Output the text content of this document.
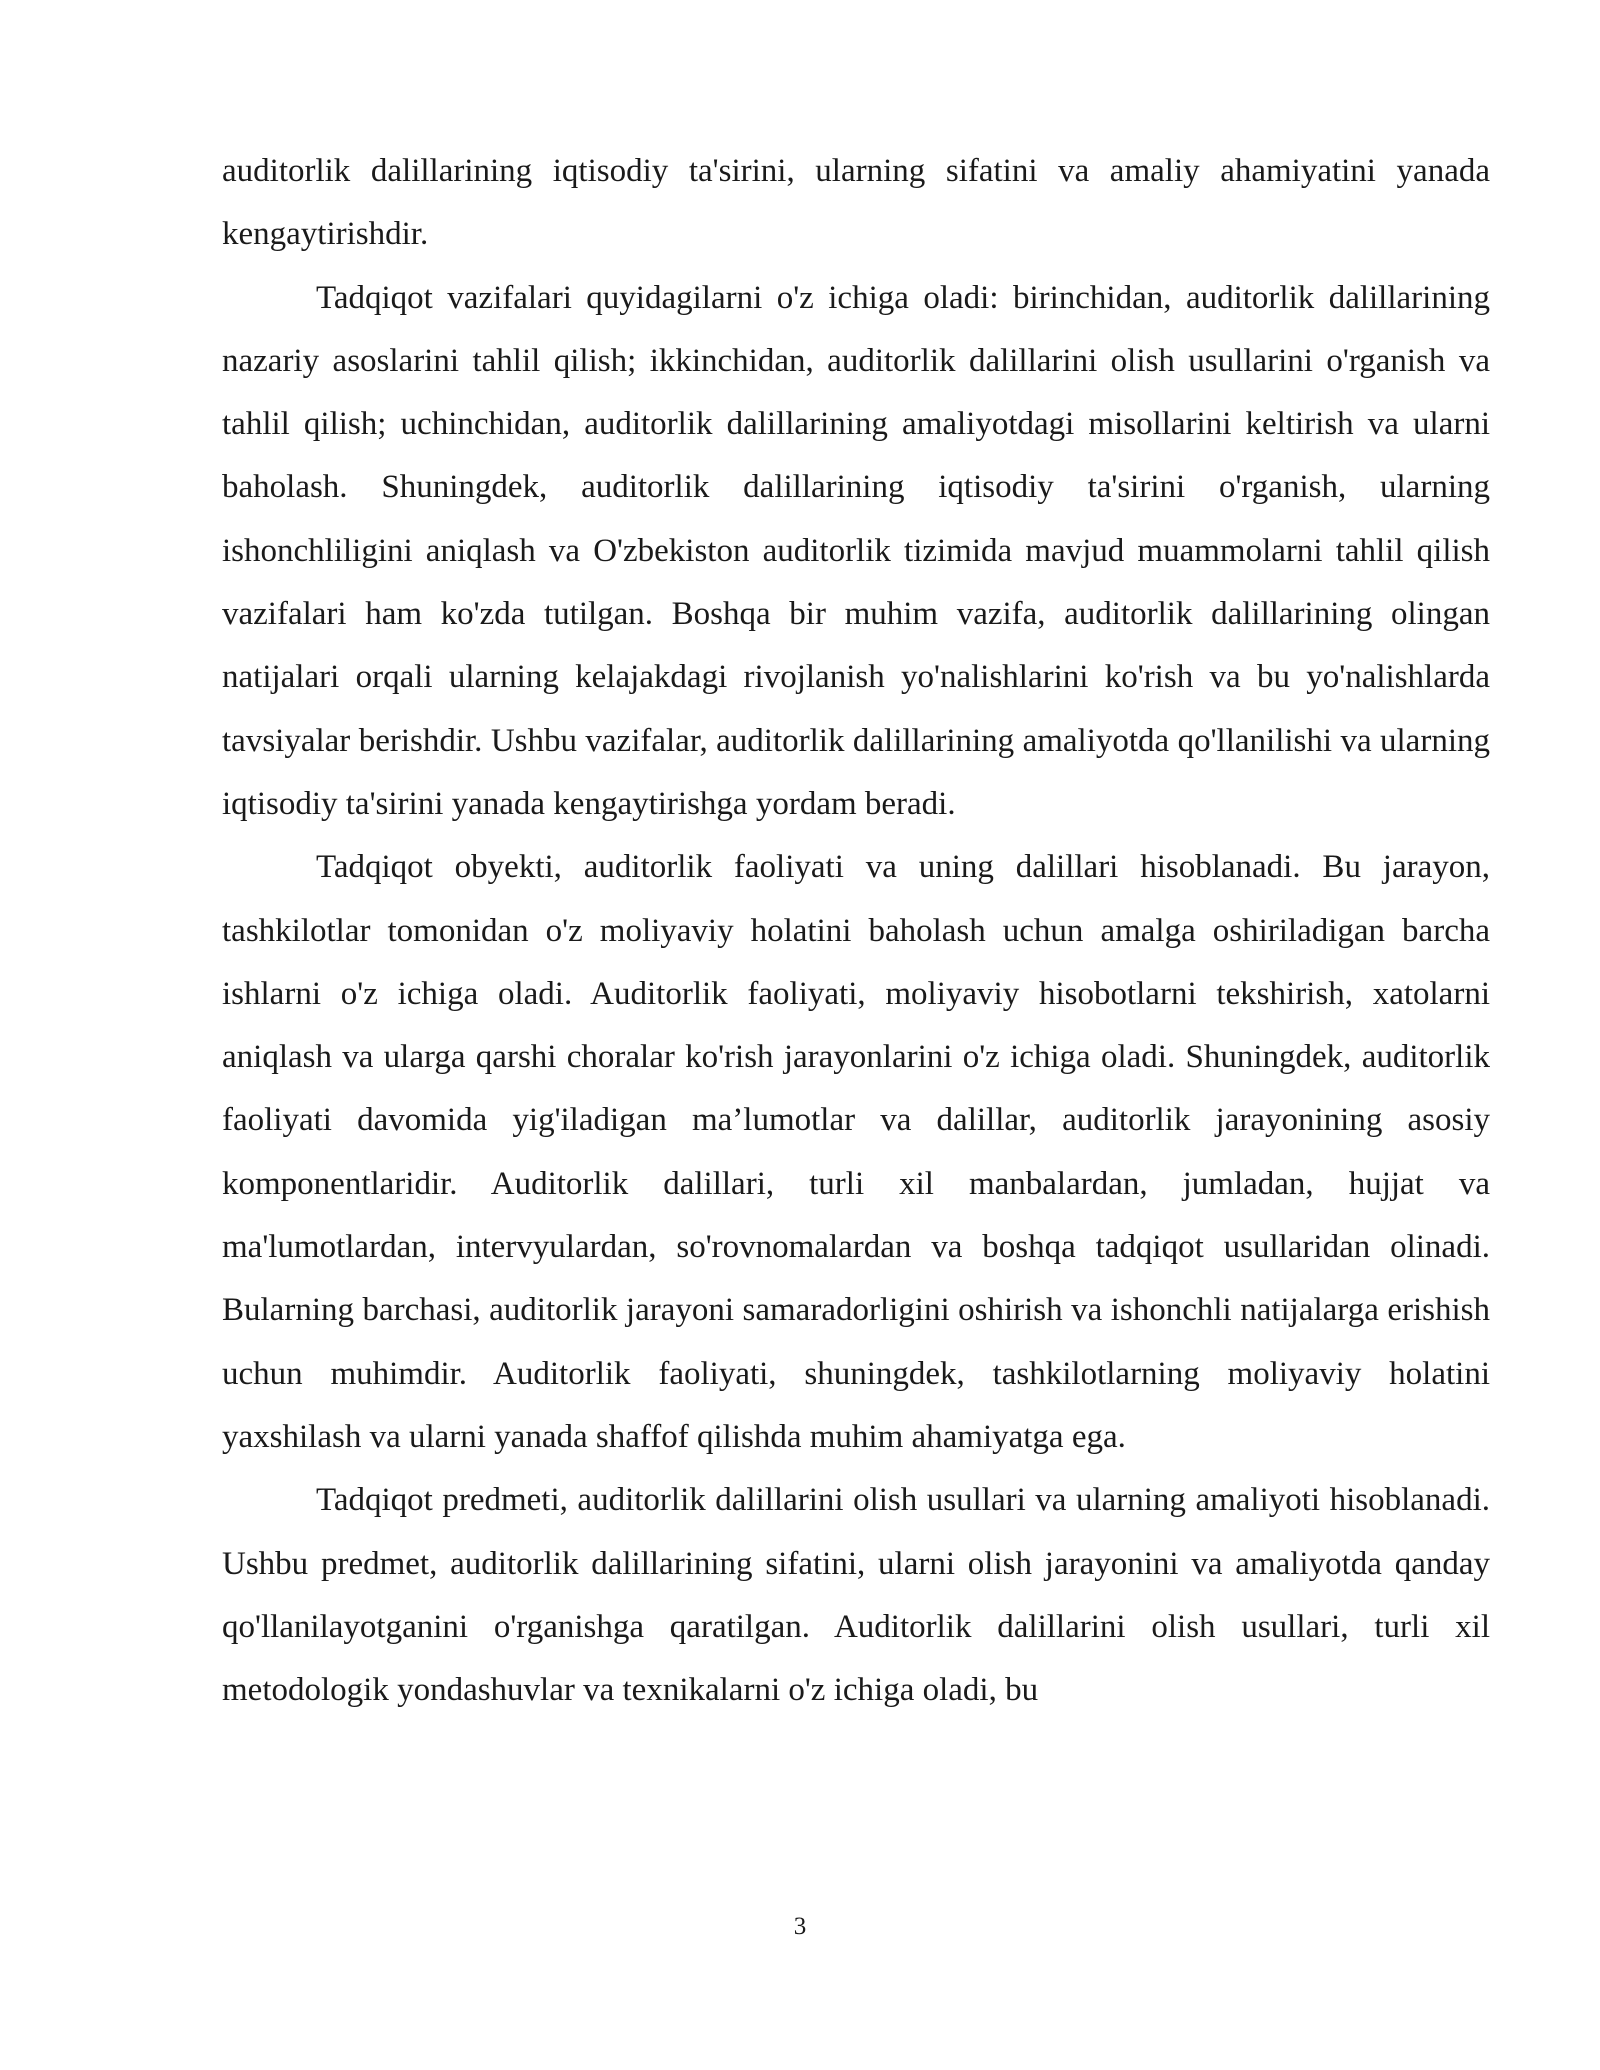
auditorlik dalillarining iqtisodiy ta'sirini, ularning sifatini va amaliy ahamiyatini yanada kengaytirishdir.

Tadqiqot vazifalari quyidagilarni o'z ichiga oladi: birinchidan, auditorlik dalillarining nazariy asoslarini tahlil qilish; ikkinchidan, auditorlik dalillarini olish usullarini o'rganish va tahlil qilish; uchinchidan, auditorlik dalillarining amaliyotdagi misollarini keltirish va ularni baholash. Shuningdek, auditorlik dalillarining iqtisodiy ta'sirini o'rganish, ularning ishonchliligini aniqlash va O'zbekiston auditorlik tizimida mavjud muammolarni tahlil qilish vazifalari ham ko'zda tutilgan. Boshqa bir muhim vazifa, auditorlik dalillarining olingan natijalari orqali ularning kelajakdagi rivojlanish yo'nalishlarini ko'rish va bu yo'nalishlarda tavsiyalar berishdir. Ushbu vazifalar, auditorlik dalillarining amaliyotda qo'llanilishi va ularning iqtisodiy ta'sirini yanada kengaytirishga yordam beradi.

Tadqiqot obyekti, auditorlik faoliyati va uning dalillari hisoblanadi. Bu jarayon, tashkilotlar tomonidan o'z moliyaviy holatini baholash uchun amalga oshiriladigan barcha ishlarni o'z ichiga oladi. Auditorlik faoliyati, moliyaviy hisobotlarni tekshirish, xatolarni aniqlash va ularga qarshi choralar ko'rish jarayonlarini o'z ichiga oladi. Shuningdek, auditorlik faoliyati davomida yig'iladigan ma’lumotlar va dalillar, auditorlik jarayonining asosiy komponentlaridir. Auditorlik dalillari, turli xil manbalardan, jumladan, hujjat va ma'lumotlardan, intervyulardan, so'rovnomalardan va boshqa tadqiqot usullaridan olinadi. Bularning barchasi, auditorlik jarayoni samaradorligini oshirish va ishonchli natijalarga erishish uchun muhimdir. Auditorlik faoliyati, shuningdek, tashkilotlarning moliyaviy holatini yaxshilash va ularni yanada shaffof qilishda muhim ahamiyatga ega.

Tadqiqot predmeti, auditorlik dalillarini olish usullari va ularning amaliyoti hisoblanadi. Ushbu predmet, auditorlik dalillarining sifatini, ularni olish jarayonini va amaliyotda qanday qo'llanilayotganini o'rganishga qaratilgan. Auditorlik dalillarini olish usullari, turli xil metodologik yondashuvlar va texnikalarni o'z ichiga oladi, bu

3
